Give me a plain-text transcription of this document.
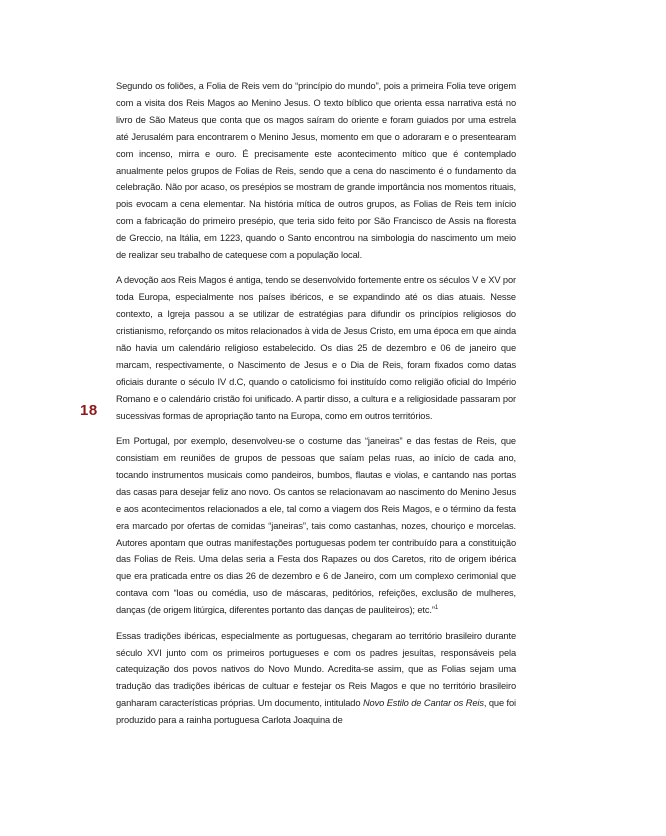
18

Segundo os foliões, a Folia de Reis vem do “princípio do mundo”, pois a primeira Folia teve origem com a visita dos Reis Magos ao Menino Jesus. O texto bíblico que orienta essa narrativa está no livro de São Mateus que conta que os magos saíram do oriente e foram guiados por uma estrela até Jerusalém para encontrarem o Menino Jesus, momento em que o adoraram e o presentearam com incenso, mirra e ouro. É precisamente este acontecimento mítico que é contemplado anualmente pelos grupos de Folias de Reis, sendo que a cena do nascimento é o fundamento da celebração. Não por acaso, os presépios se mostram de grande importância nos momentos rituais, pois evocam a cena elementar. Na história mítica de outros grupos, as Folias de Reis tem início com a fabricação do primeiro presépio, que teria sido feito por São Francisco de Assis na floresta de Greccio, na Itália, em 1223, quando o Santo encontrou na simbologia do nascimento um meio de realizar seu trabalho de catequese com a população local.

A devoção aos Reis Magos é antiga, tendo se desenvolvido fortemente entre os séculos V e XV por toda Europa, especialmente nos países ibéricos, e se expandindo até os dias atuais. Nesse contexto, a Igreja passou a se utilizar de estratégias para difundir os princípios religiosos do cristianismo, reforçando os mitos relacionados à vida de Jesus Cristo, em uma época em que ainda não havia um calendário religioso estabelecido. Os dias 25 de dezembro e 06 de janeiro que marcam, respectivamente, o Nascimento de Jesus e o Dia de Reis, foram fixados como datas oficiais durante o século IV d.C, quando o catolicismo foi instituído como religião oficial do Império Romano e o calendário cristão foi unificado. A partir disso, a cultura e a religiosidade passaram por sucessivas formas de apropriação tanto na Europa, como em outros territórios.

Em Portugal, por exemplo, desenvolveu-se o costume das “janeiras” e das festas de Reis, que consistiam em reuniões de grupos de pessoas que saíam pelas ruas, ao início de cada ano, tocando instrumentos musicais como pandeiros, bumbos, flautas e violas, e cantando nas portas das casas para desejar feliz ano novo. Os cantos se relacionavam ao nascimento do Menino Jesus e aos acontecimentos relacionados a ele, tal como a viagem dos Reis Magos, e o término da festa era marcado por ofertas de comidas “janeiras”, tais como castanhas, nozes, chouriço e morcelas. Autores apontam que outras manifestações portuguesas podem ter contribuído para a constituição das Folias de Reis. Uma delas seria a Festa dos Rapazes ou dos Caretos, rito de origem ibérica que era praticada entre os dias 26 de dezembro e 6 de Janeiro, com um complexo cerimonial que contava com “loas ou comédia, uso de máscaras, peditórios, refeições, exclusão de mulheres, danças (de origem litúrgica, diferentes portanto das danças de pauliteiros); etc.”$^1$

Essas tradições ibéricas, especialmente as portuguesas, chegaram ao território brasileiro durante século XVI junto com os primeiros portugueses e com os padres jesuítas, responsáveis pela catequização dos povos nativos do Novo Mundo. Acredita-se assim, que as Folias sejam uma tradução das tradições ibéricas de cultuar e festejar os Reis Magos e que no território brasileiro ganharam características próprias. Um documento, intitulado Novo Estilo de Cantar os Reis, que foi produzido para a rainha portuguesa Carlota Joaquina de
